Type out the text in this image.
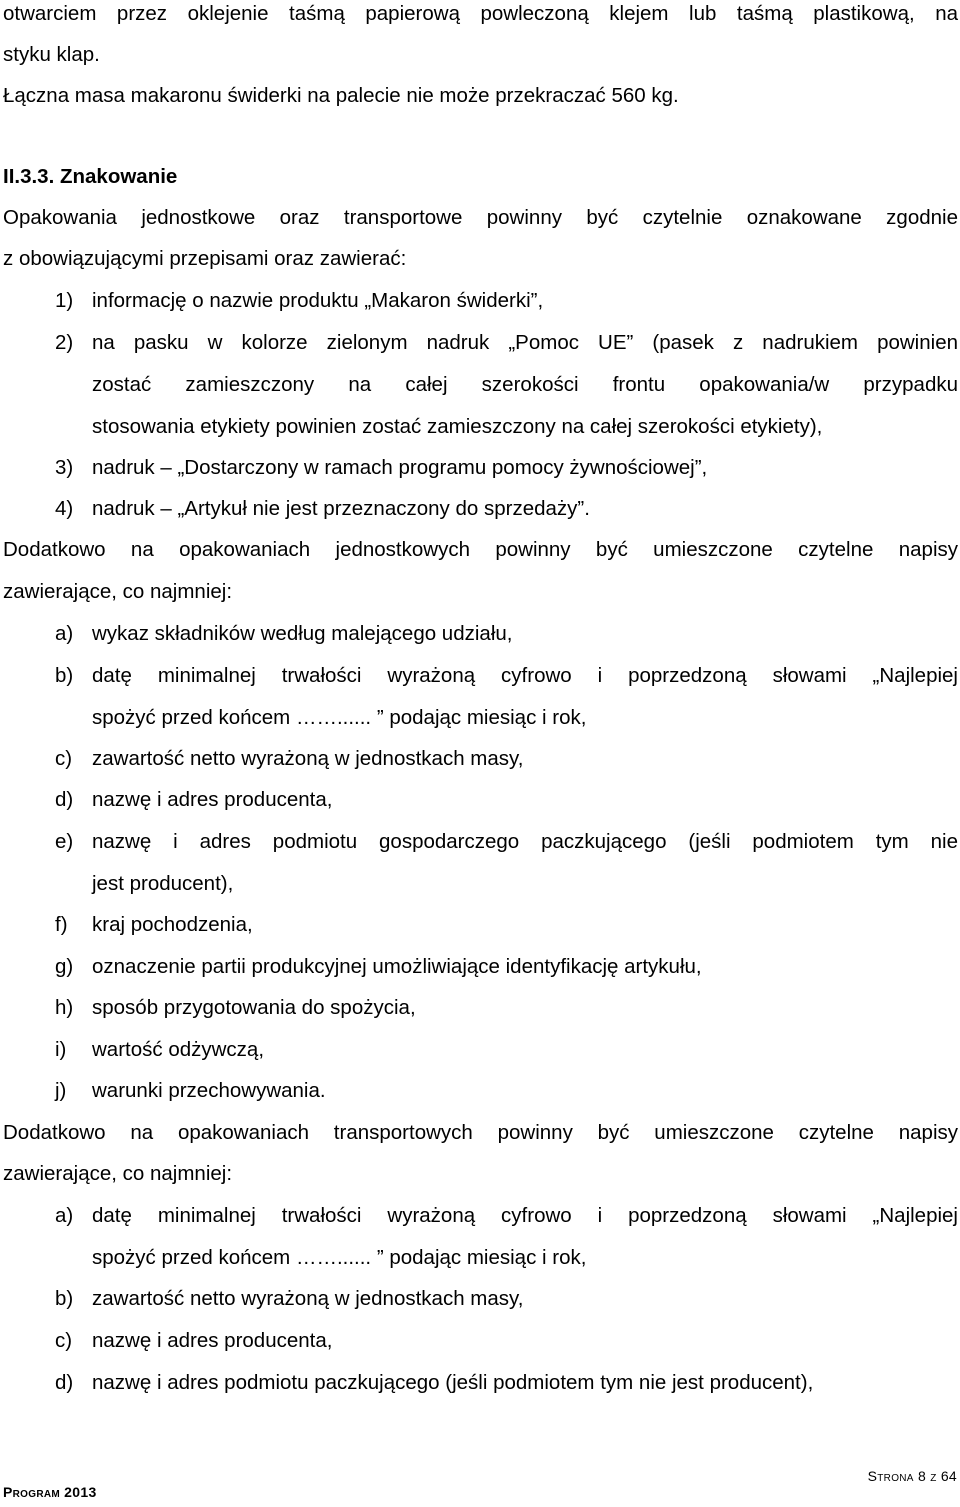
otwarciem przez oklejenie taśmą papierową powleczoną klejem lub taśmą plastikową, na
styku klap.
Łączna masa makaronu świderki na palecie nie może przekraczać 560 kg.
II.3.3. Znakowanie
Opakowania jednostkowe oraz transportowe powinny być czytelnie oznakowane zgodnie
z obowiązującymi przepisami oraz zawierać:
1) informację o nazwie produktu „Makaron świderki”,
2) na pasku w kolorze zielonym nadruk „Pomoc UE” (pasek z nadrukiem powinien
zostać zamieszczony na całej szerokości frontu opakowania/w przypadku
stosowania etykiety powinien zostać zamieszczony na całej szerokości etykiety),
3) nadruk – „Dostarczony w ramach programu pomocy żywnościowej”,
4) nadruk – „Artykuł nie jest przeznaczony do sprzedaży”.
Dodatkowo na opakowaniach jednostkowych powinny być umieszczone czytelne napisy
zawierające, co najmniej:
a) wykaz składników według malejącego udziału,
b) datę minimalnej trwałości wyrażoną cyfrowo i poprzedzoną słowami „Najlepiej
spożyć przed końcem ……...... ” podając miesiąc i rok,
c) zawartość netto wyrażoną w jednostkach masy,
d) nazwę i adres producenta,
e) nazwę i adres podmiotu gospodarczego paczkującego (jeśli podmiotem tym nie
jest producent),
f) kraj pochodzenia,
g) oznaczenie partii produkcyjnej umożliwiające identyfikację artykułu,
h) sposób przygotowania do spożycia,
i) wartość odżywczą,
j) warunki przechowywania.
Dodatkowo na opakowaniach transportowych powinny być umieszczone czytelne napisy
zawierające, co najmniej:
a) datę minimalnej trwałości wyrażoną cyfrowo i poprzedzoną słowami „Najlepiej
spożyć przed końcem ……...... ” podając miesiąc i rok,
b) zawartość netto wyrażoną w jednostkach masy,
c) nazwę i adres producenta,
d) nazwę i adres podmiotu paczkującego (jeśli podmiotem tym nie jest producent),
Strona 8 z 64
Program 2013
